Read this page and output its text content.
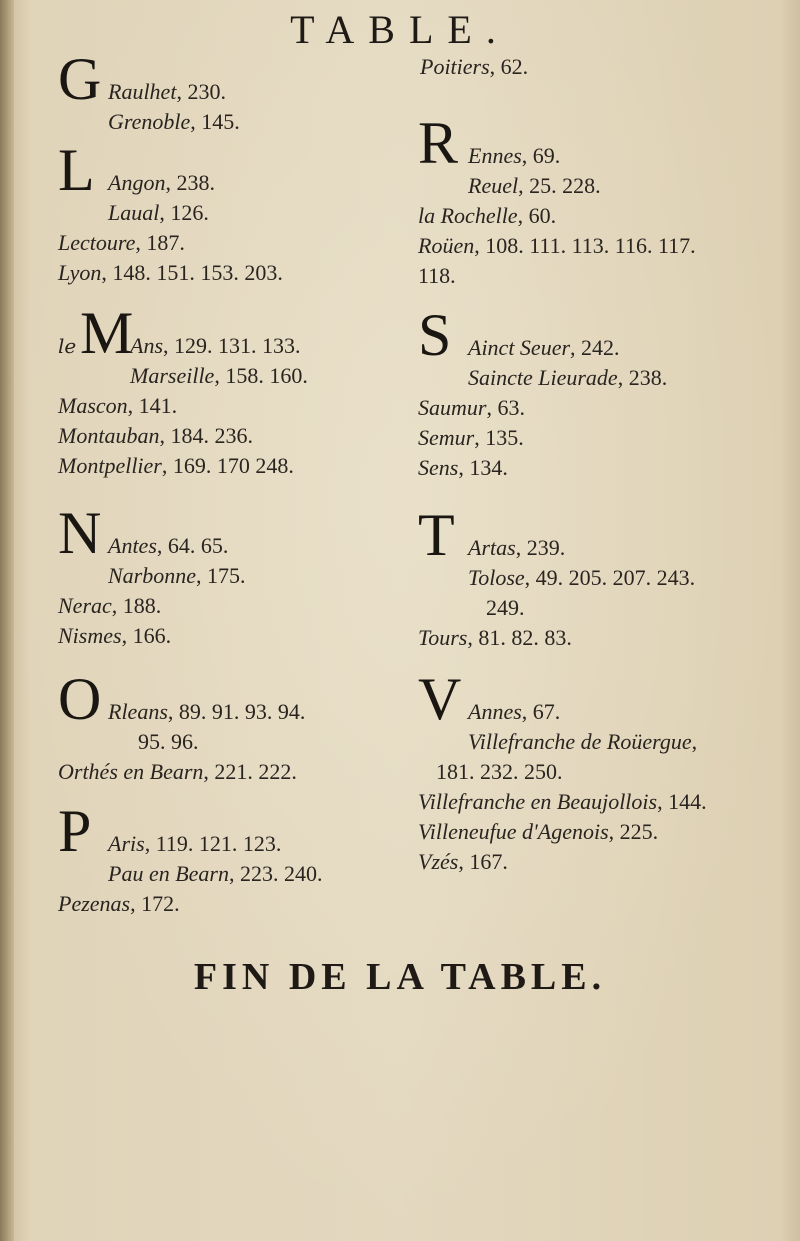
TABLE.
G Raulhet, 230.
Grenoble, 145.
L Angon, 238.
Laual, 126.
Lectoure, 187.
Lyon, 148. 151. 153. 203.
le M
Ans, 129. 131. 133.
Marseille, 158. 160.
Mascon, 141.
Montauban, 184. 236.
Montpellier, 169. 170 248.
N Antes, 64. 65.
Narbonne, 175.
Nerac, 188.
Nismes, 166.
O Rleans, 89. 91. 93. 94.
95. 96.
Orthés en Bearn, 221. 222.
P Aris, 119. 121. 123.
Pau en Bearn, 223. 240.
Pezenas, 172.
Poitiers, 62.
R Ennes, 69.
Reuel, 25. 228.
la Rochelle, 60.
Roüen, 108. 111. 113. 116. 117.
118.
S Ainct Seuer, 242.
Saincte Lieurade, 238.
Saumur, 63.
Semur, 135.
Sens, 134.
T Artas, 239.
Tolose, 49. 205. 207. 243.
249.
Tours, 81. 82. 83.
V Annes, 67.
Villefranche de Roüergue,
181. 232. 250.
Villefranche en Beaujollois, 144.
Villeneufue d'Agenois, 225.
Vzés, 167.
FIN DE LA TABLE.
